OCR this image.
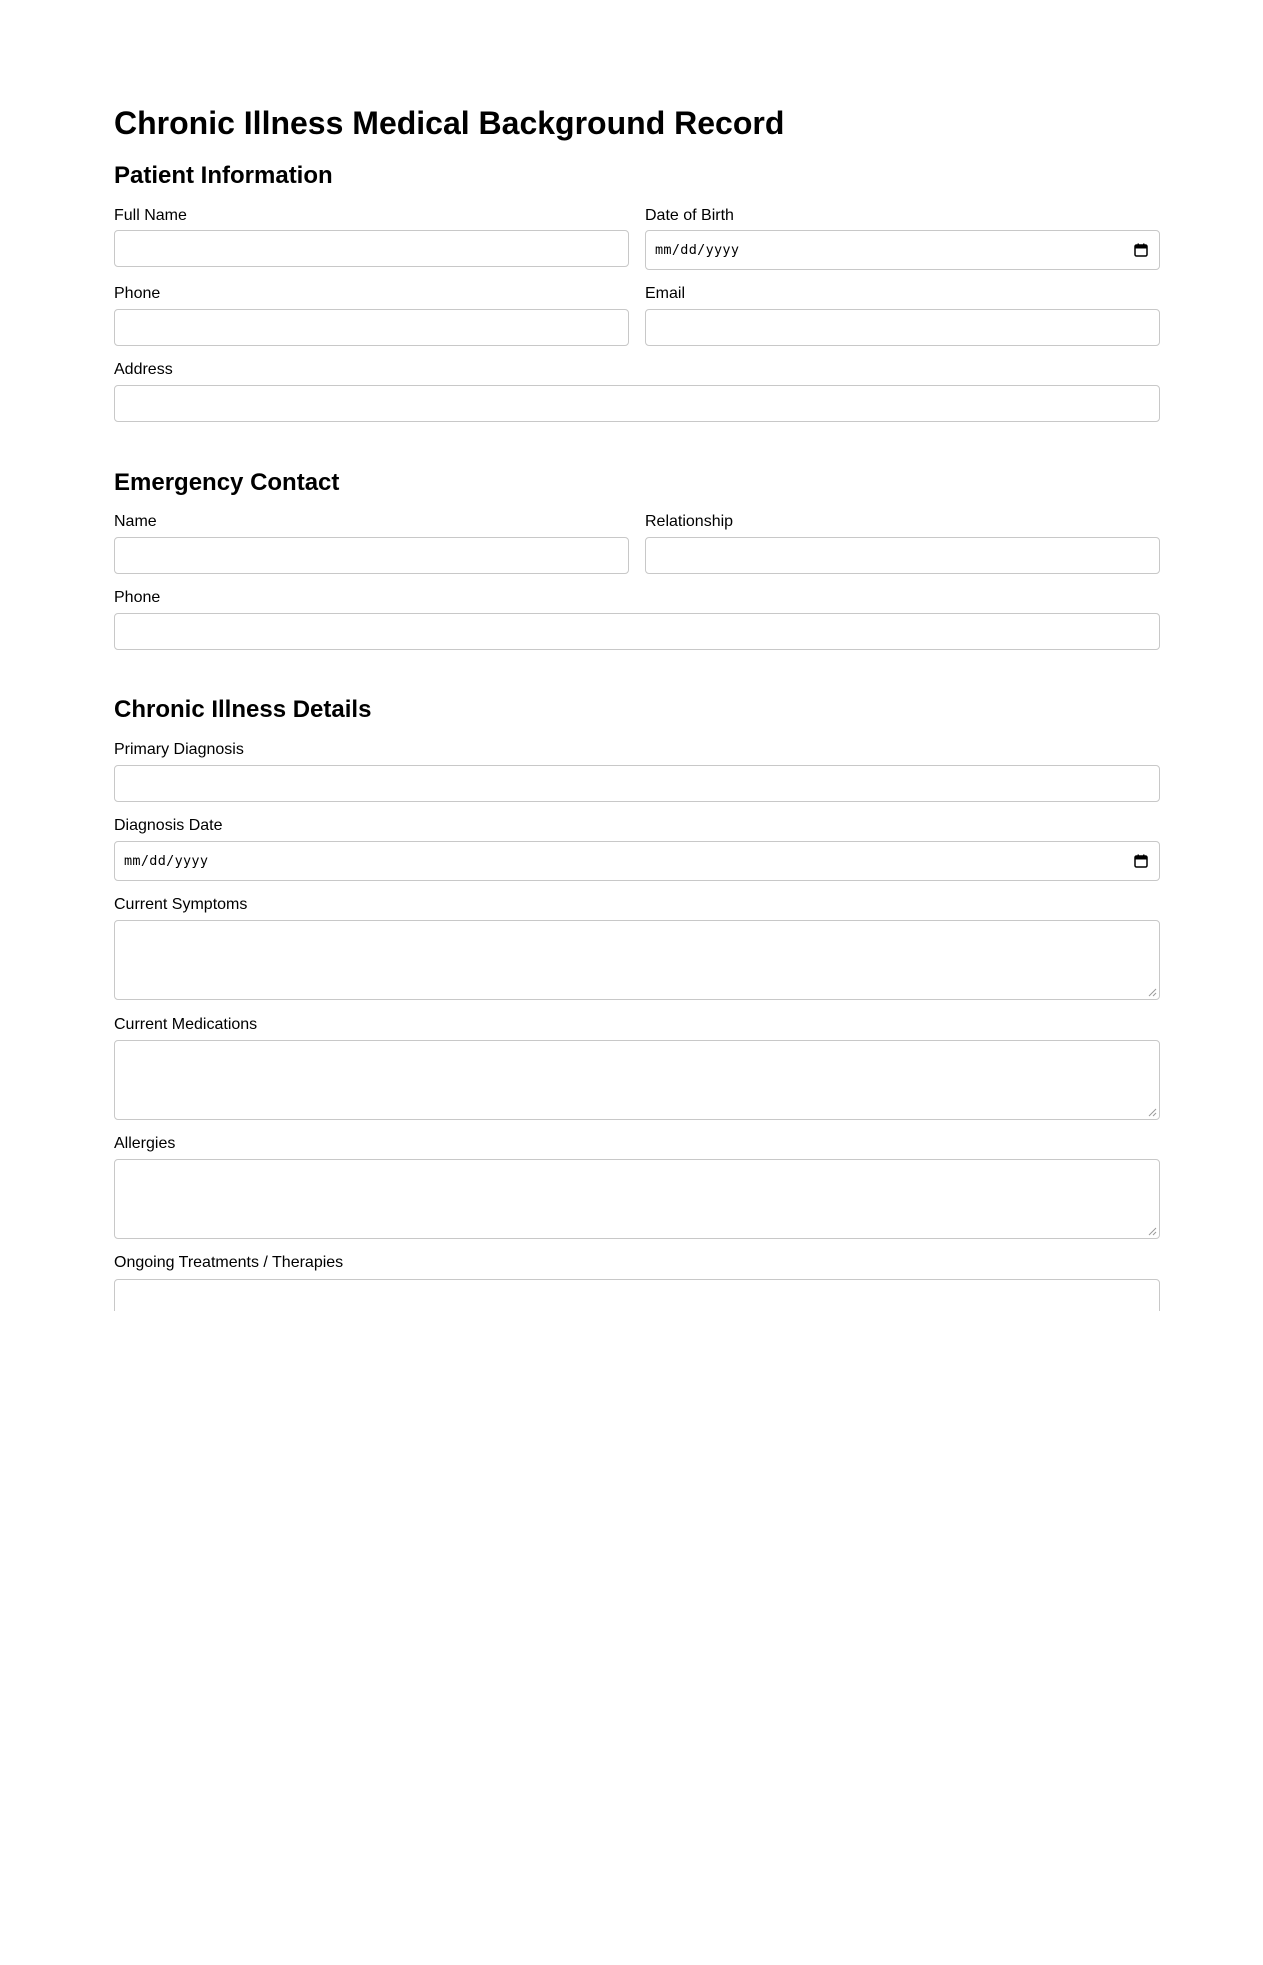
Chronic Illness Medical Background Record
Patient Information
Full Name	Date of Birth
mm/dd/yyyy
Phone	Email
Address
Emergency Contact
Name	Relationship
Phone
Chronic Illness Details
Primary Diagnosis
Diagnosis Date
mm/dd/yyyy
Current Symptoms
Current Medications
Allergies
Ongoing Treatments / Therapies
